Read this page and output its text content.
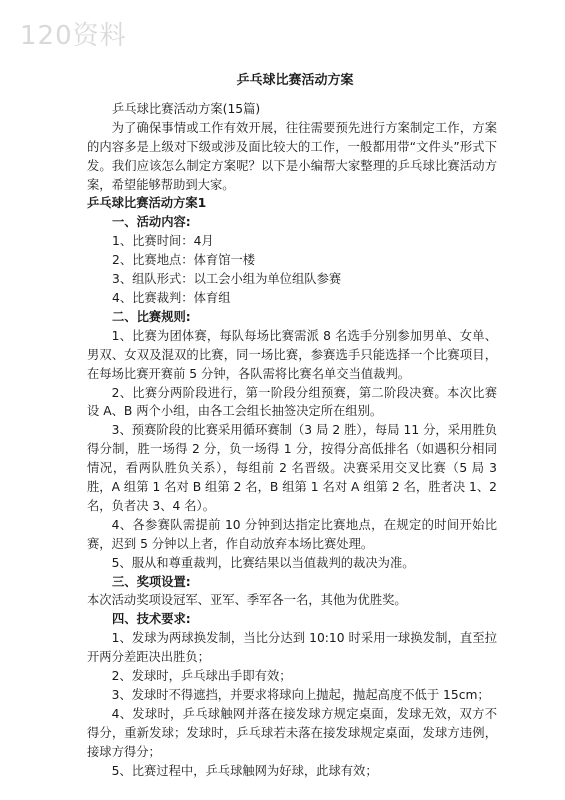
120资料
乒乓球比赛活动方案

乒乓球比赛活动方案(15篇)

为了确保事情或工作有效开展，往往需要预先进行方案制定工作，方案的内容多是上级对下级或涉及面比较大的工作，一般都用带“文件头”形式下发。我们应该怎么制定方案呢？以下是小编帮大家整理的乒乓球比赛活动方案，希望能够帮助到大家。

乒乓球比赛活动方案1

一、活动内容:

1、比赛时间：4月

2、比赛地点：体育馆一楼

3、组队形式：以工会小组为单位组队参赛

4、比赛裁判：体育组

二、比赛规则:

1、比赛为团体赛，每队每场比赛需派 8 名选手分别参加男单、女单、男双、女双及混双的比赛，同一场比赛，参赛选手只能选择一个比赛项目，在每场比赛开赛前 5 分钟，各队需将比赛名单交当值裁判。

2、比赛分两阶段进行，第一阶段分组预赛，第二阶段决赛。本次比赛设 A、B 两个小组，由各工会组长抽签决定所在组别。

3、预赛阶段的比赛采用循环赛制（3 局 2 胜），每局 11 分，采用胜负得分制，胜一场得 2 分，负一场得 1 分，按得分高低排名（如遇积分相同情况，看两队胜负关系），每组前 2 名晋级。决赛采用交叉比赛（5 局 3 胜，A 组第 1 名对 B 组第 2 名，B 组第 1 名对 A 组第 2 名，胜者决 1、2 名，负者决 3、4 名）。

4、各参赛队需提前 10 分钟到达指定比赛地点，在规定的时间开始比赛，迟到 5 分钟以上者，作自动放弃本场比赛处理。

5、服从和尊重裁判，比赛结果以当值裁判的裁决为准。

三、奖项设置:

本次活动奖项设冠军、亚军、季军各一名，其他为优胜奖。

四、技术要求:

1、发球为两球换发制，当比分达到 10:10 时采用一球换发制，直至拉开两分差距决出胜负；

2、发球时，乒乓球出手即有效；

3、发球时不得遮挡，并要求将球向上抛起，抛起高度不低于 15cm；

4、发球时，乒乓球触网并落在接发球方规定桌面，发球无效，双方不得分，重新发球；发球时，乒乓球若未落在接发球规定桌面，发球方违例，接球方得分；

5、比赛过程中，乒乓球触网为好球，此球有效；
